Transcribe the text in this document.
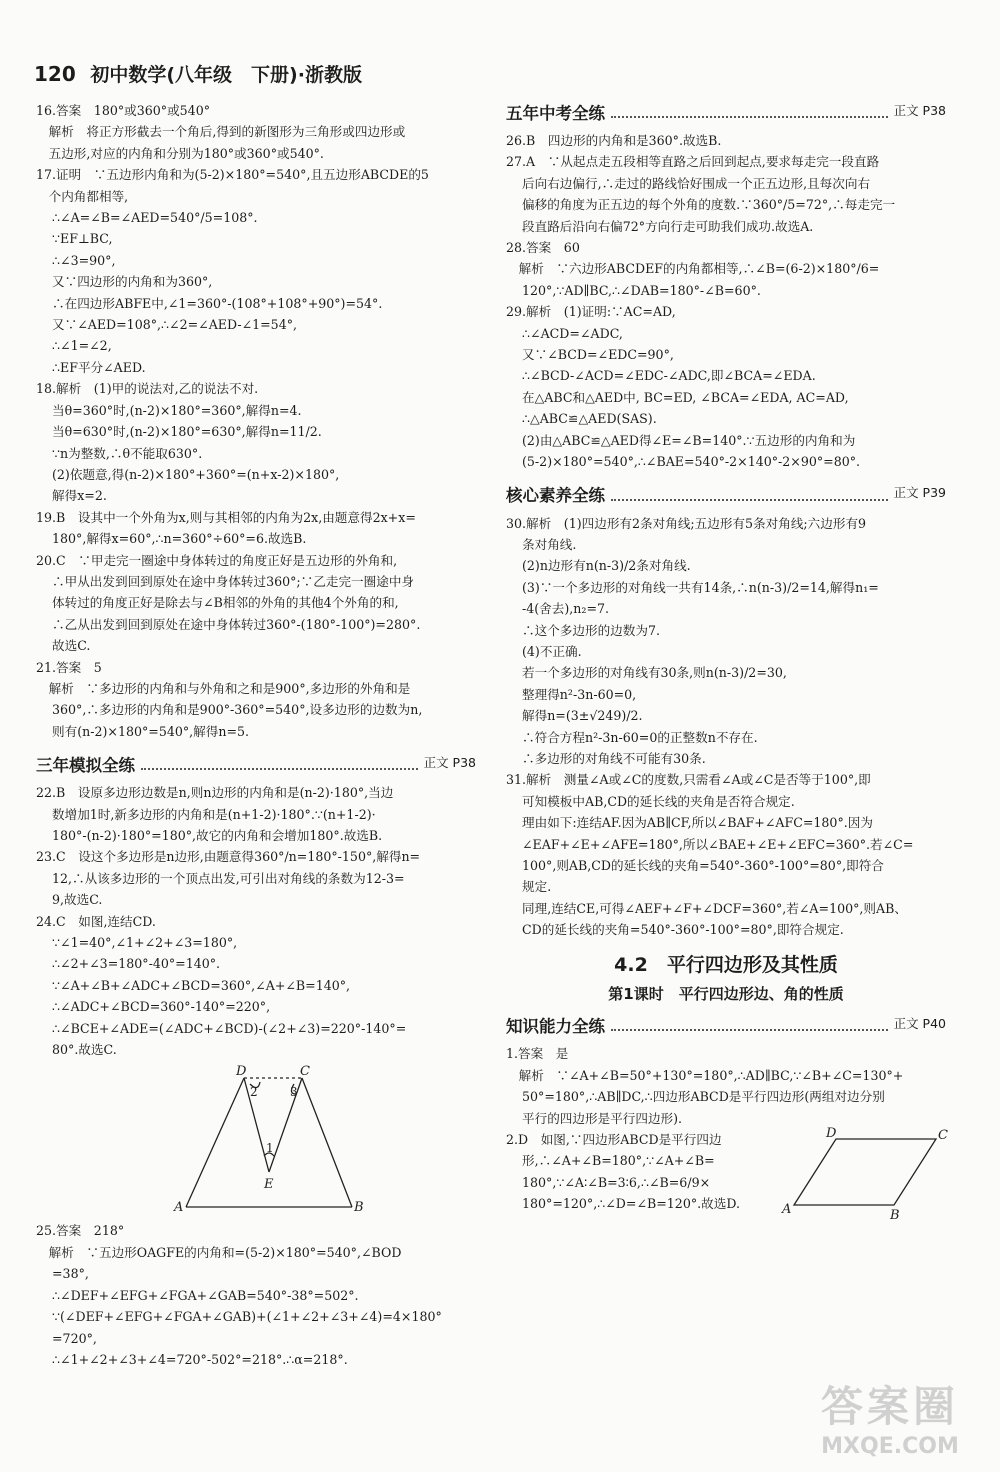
120 初中数学(八年级　下册)·浙教版
16.答案　180°或360°或540°
　解析　将正方形截去一个角后,得到的新图形为三角形或四边形或
　五边形,对应的内角和分别为180°或360°或540°.
17.证明　∵五边形内角和为(5-2)×180°=540°,且五边形ABCDE的5
　个内角都相等,
∴∠A=∠B=∠AED=540°/5=108°.
∵EF⊥BC,
∴∠3=90°,
又∵四边形的内角和为360°,
∴在四边形ABFE中,∠1=360°-(108°+108°+90°)=54°.
又∵∠AED=108°,∴∠2=∠AED-∠1=54°,
∴∠1=∠2,
∴EF平分∠AED.
18.解析　(1)甲的说法对,乙的说法不对.
当θ=360°时,(n-2)×180°=360°,解得n=4.
当θ=630°时,(n-2)×180°=630°,解得n=11/2.
∵n为整数,∴θ不能取630°.
(2)依题意,得(n-2)×180°+360°=(n+x-2)×180°,
解得x=2.
19.B　设其中一个外角为x,则与其相邻的内角为2x,由题意得2x+x=
180°,解得x=60°,∴n=360°÷60°=6.故选B.
20.C　∵甲走完一圈途中身体转过的角度正好是五边形的外角和,
∴甲从出发到回到原处在途中身体转过360°;∵乙走完一圈途中身
体转过的角度正好是除去与∠B相邻的外角的其他4个外角的和,
∴乙从出发到回到原处在途中身体转过360°-(180°-100°)=280°.
故选C.
21.答案　5
　解析　∵多边形的内角和与外角和之和是900°,多边形的外角和是
360°,∴多边形的内角和是900°-360°=540°,设多边形的边数为n,
则有(n-2)×180°=540°,解得n=5.
三年模拟全练	正文 P38
22.B　设原多边形边数是n,则n边形的内角和是(n-2)·180°,当边
数增加1时,新多边形的内角和是(n+1-2)·180°.∵(n+1-2)·
180°-(n-2)·180°=180°,故它的内角和会增加180°.故选B.
23.C　设这个多边形是n边形,由题意得360°/n=180°-150°,解得n=
12,∴从该多边形的一个顶点出发,可引出对角线的条数为12-3=
9,故选C.
24.C　如图,连结CD.
∵∠1=40°,∠1+∠2+∠3=180°,
∴∠2+∠3=180°-40°=140°.
∵∠A+∠B+∠ADC+∠BCD=360°,∠A+∠B=140°,
∴∠ADC+∠BCD=360°-140°=220°,
∴∠BCE+∠ADE=(∠ADC+∠BCD)-(∠2+∠3)=220°-140°=
80°.故选C.
D	C
A	B
E
1
2	3
25.答案　218°
　解析　∵五边形OAGFE的内角和=(5-2)×180°=540°,∠BOD
=38°,
∴∠DEF+∠EFG+∠FGA+∠GAB=540°-38°=502°.
∵(∠DEF+∠EFG+∠FGA+∠GAB)+(∠1+∠2+∠3+∠4)=4×180°
=720°,
∴∠1+∠2+∠3+∠4=720°-502°=218°.∴α=218°.
五年中考全练	正文 P38
26.B　四边形的内角和是360°.故选B.
27.A　∵从起点走五段相等直路之后回到起点,要求每走完一段直路
后向右边偏行,∴走过的路线恰好围成一个正五边形,且每次向右
偏移的角度为正五边的每个外角的度数.∵360°/5=72°,∴每走完一
段直路后沿向右偏72°方向行走可助我们成功.故选A.
28.答案　60
　解析　∵六边形ABCDEF的内角都相等,∴∠B=(6-2)×180°/6=
120°,∵AD∥BC,∴∠DAB=180°-∠B=60°.
29.解析　(1)证明:∵AC=AD,
∴∠ACD=∠ADC,
又∵∠BCD=∠EDC=90°,
∴∠BCD-∠ACD=∠EDC-∠ADC,即∠BCA=∠EDA.
在△ABC和△AED中, BC=ED, ∠BCA=∠EDA, AC=AD,
∴△ABC≌△AED(SAS).
(2)由△ABC≌△AED得∠E=∠B=140°.∵五边形的内角和为
(5-2)×180°=540°,∴∠BAE=540°-2×140°-2×90°=80°.
核心素养全练	正文 P39
30.解析　(1)四边形有2条对角线;五边形有5条对角线;六边形有9
条对角线.
(2)n边形有n(n-3)/2条对角线.
(3)∵一个多边形的对角线一共有14条,∴n(n-3)/2=14,解得n₁=
-4(舍去),n₂=7.
∴这个多边形的边数为7.
(4)不正确.
若一个多边形的对角线有30条,则n(n-3)/2=30,
整理得n²-3n-60=0,
解得n=(3±√249)/2.
∴符合方程n²-3n-60=0的正整数n不存在.
∴多边形的对角线不可能有30条.
31.解析　测量∠A或∠C的度数,只需看∠A或∠C是否等于100°,即
可知模板中AB,CD的延长线的夹角是否符合规定.
理由如下:连结AF.因为AB∥CF,所以∠BAF+∠AFC=180°.因为
∠EAF+∠E+∠AFE=180°,所以∠BAE+∠E+∠EFC=360°.若∠C=
100°,则AB,CD的延长线的夹角=540°-360°-100°=80°,即符合
规定.
同理,连结CE,可得∠AEF+∠F+∠DCF=360°,若∠A=100°,则AB、
CD的延长线的夹角=540°-360°-100°=80°,即符合规定.
4.2　平行四边形及其性质
第1课时　平行四边形边、角的性质
知识能力全练	正文 P40
1.答案　是
　解析　∵∠A+∠B=50°+130°=180°,∴AD∥BC,∵∠B+∠C=130°+
50°=180°,∴AB∥DC,∴四边形ABCD是平行四边形(两组对边分别
平行的四边形是平行四边形).
2.D　如图,∵四边形ABCD是平行四边
形,∴∠A+∠B=180°,∵∠A+∠B=
180°,∵∠A∶∠B=3∶6,∴∠B=6/9×
180°=120°,∴∠D=∠B=120°.故选D.	A	B
C
D
答案圈
MXQE.COM
